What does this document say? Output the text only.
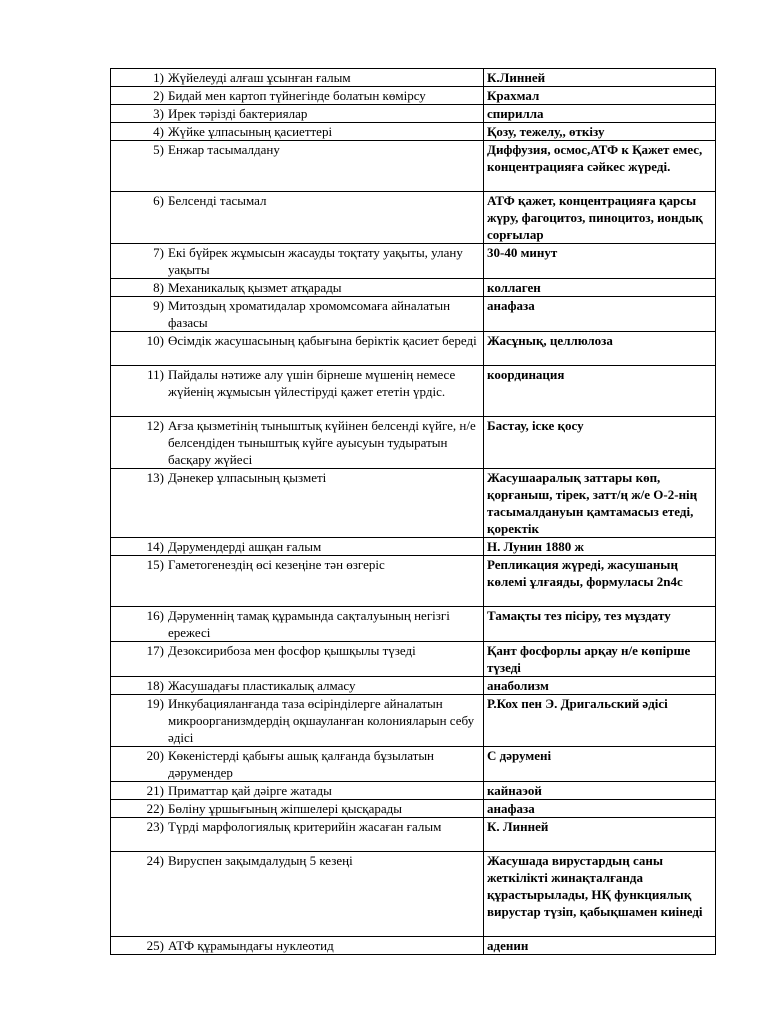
1) Жүйелеуді алғаш ұсынған ғалым	К.Линней

2) Бидай мен картоп түйнегінде болатын көмірсу	Крахмал

3) Ирек тәрізді бактериялар	спирилла

4) Жүйке ұлпасының қасиеттері	Қозу, тежелу,, өткізу

5) Енжар тасымалдану	Диффузия, осмос,АТФ к Қажет емес, концентрацияға сәйкес жүреді.

6) Белсенді тасымал	АТФ қажет, концентрацияға қарсы жүру, фагоцитоз, пиноцитоз, иондық сорғылар

7) Екі бүйрек жұмысын жасауды тоқтату уақыты, улану уақыты	30-40 минут

8) Механикалық қызмет атқарады	коллаген

9) Митоздың хроматидалар хромомсомаға айналатын фазасы	анафаза

10) Өсімдік жасушасының қабығына беріктік қасиет береді	Жасұнық, целлюлоза

11) Пайдалы нәтиже алу үшін бірнеше мүшенің немесе жүйенің жұмысын үйлестіруді қажет ететін үрдіс.	координация

12) Ағза қызметінің тыныштық күйінен белсенді күйге, н/е белсендіден тыныштық күйге ауысуын тудыратын басқару жүйесі	Бастау, іске қосу

13) Дәнекер ұлпасының қызметі	Жасушааралық заттары көп, қорғаныш, тірек, затт/ң ж/е О-2-нің тасымалдануын қамтамасыз етеді, қоректік

14) Дәрумендерді ашқан ғалым	Н. Лунин 1880 ж

15) Гаметогенездің өсі кезеңіне тән өзгеріс	Репликация жүреді, жасушаның көлемі ұлғаяды, формуласы 2n4c

16) Дәруменнің тамақ құрамында сақталуының негізгі ережесі	Тамақты тез пісіру, тез мұздату

17) Дезоксирибоза мен фосфор қышқылы түзеді	Қант фосфорлы арқау н/е көпірше түзеді

18) Жасушадағы пластикалық алмасу	анаболизм

19) Инкубацияланғанда таза өсірінділерге айналатын микроорганизмдердің оқшауланған колонияларын себу әдісі	Р.Кох пен Э. Дригальский әдісі

20) Көкеністерді қабығы ашық қалғанда бұзылатын дәрумендер	С дәрумені

21) Приматтар қай дәірге жатады	кайнаэой

22) Бөліну ұршығының жіпшелері қысқарады	анафаза

23) Түрді марфологиялық критерийін жасаған ғалым	К. Линней

24) Вируспен зақымдалудың 5 кезеңі	Жасушада вирустардың саны жеткілікті жинақталғанда құрастырылады, НҚ функциялық вирустар түзіп, қабықшамен киінеді

25) АТФ құрамындағы нуклеотид	аденин
